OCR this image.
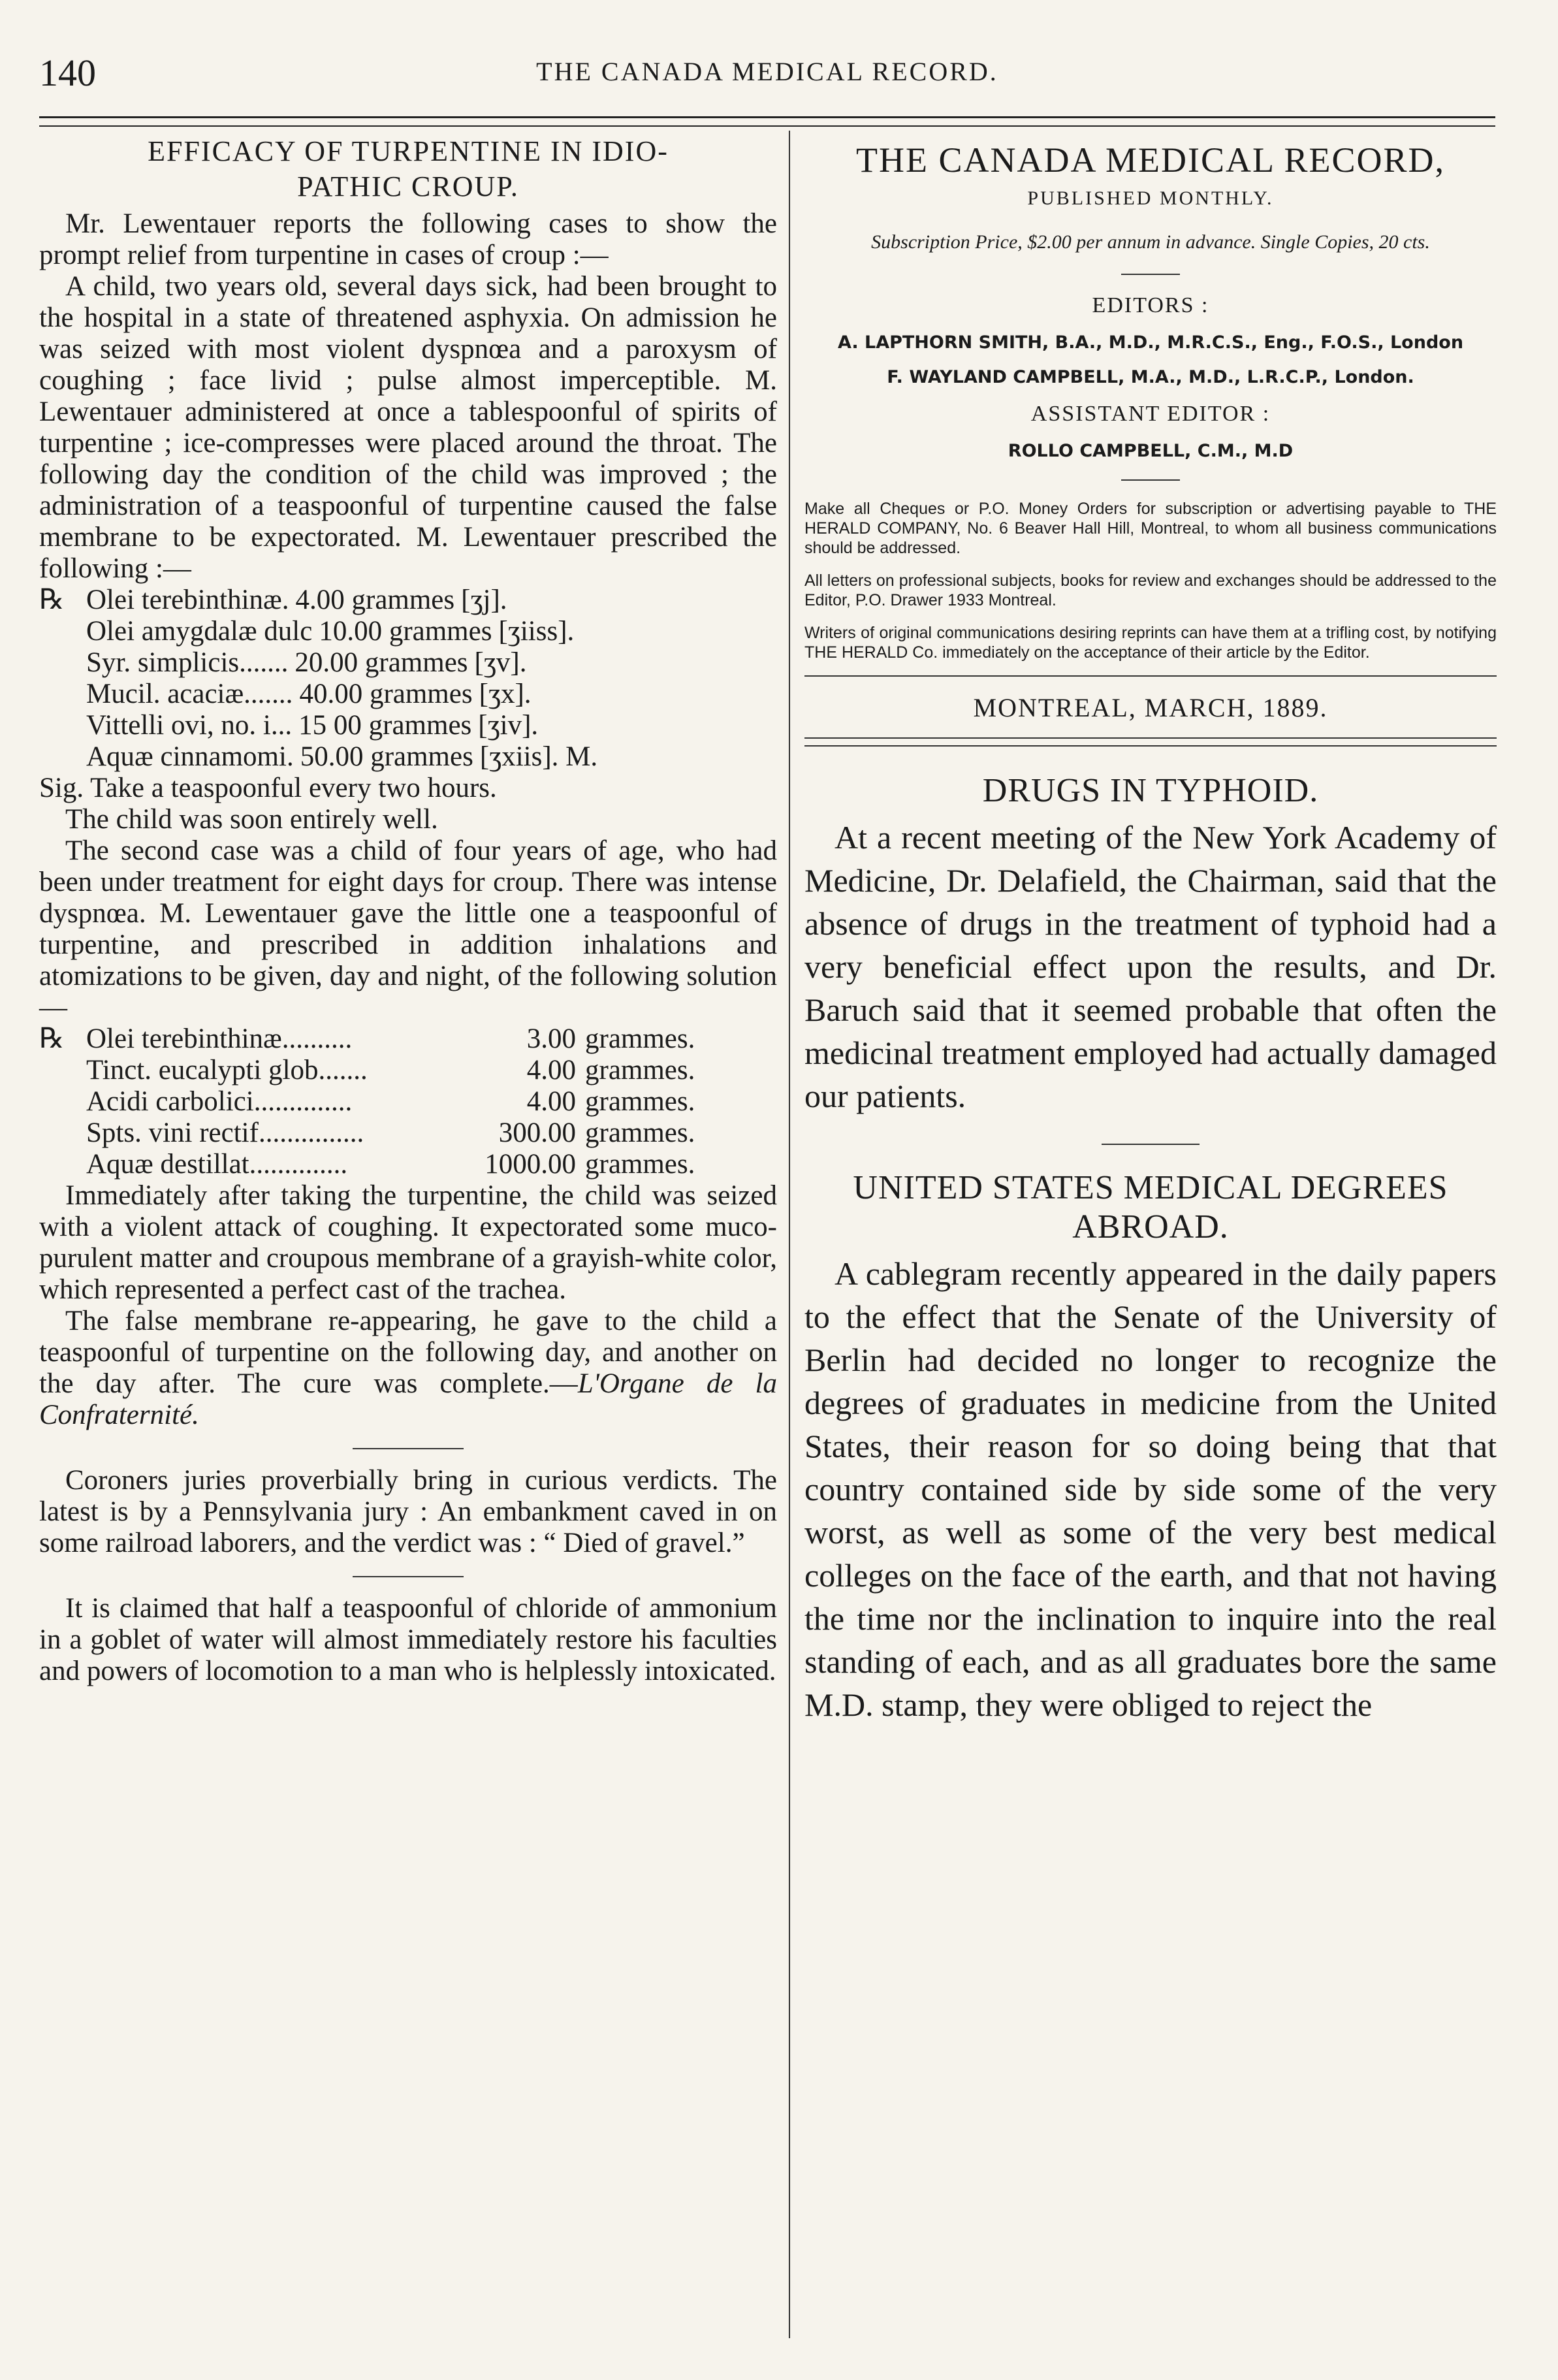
140	THE CANADA MEDICAL RECORD.
EFFICACY OF TURPENTINE IN IDIO-
PATHIC CROUP.

Mr. Lewentauer reports the following cases to show the prompt relief from turpentine in cases of croup :—

A child, two years old, several days sick, had been brought to the hospital in a state of threatened asphyxia. On admission he was seized with most violent dyspnœa and a paroxysm of coughing ; face livid ; pulse almost imperceptible. M. Lewentauer administered at once a tablespoonful of spirits of turpentine ; ice-compresses were placed around the throat. The following day the condition of the child was improved ; the administration of a teaspoonful of turpentine caused the false membrane to be expectorated. M. Lewentauer prescribed the following :—

℞ Olei terebinthinæ. 4.00 grammes [ʒj].
Olei amygdalæ dulc 10.00 grammes [ʒiiss].
Syr. simplicis....... 20.00 grammes [ʒv].
Mucil. acaciæ....... 40.00 grammes [ʒx].
Vittelli ovi, no. i... 15 00 grammes [ʒiv].
Aquæ cinnamomi. 50.00 grammes [ʒxiis]. M.

Sig. Take a teaspoonful every two hours.

The child was soon entirely well.

The second case was a child of four years of age, who had been under treatment for eight days for croup. There was intense dyspnœa. M. Lewentauer gave the little one a teaspoonful of turpentine, and prescribed in addition inhalations and atomizations to be given, day and night, of the following solution —

℞ Olei terebinthinæ..........	3.00 grammes.
Tinct. eucalypti glob.......	4.00 grammes.
Acidi carbolici..............	4.00 grammes.
Spts. vini rectif...............	300.00 grammes.
Aquæ destillat..............	1000.00 grammes.

Immediately after taking the turpentine, the child was seized with a violent attack of coughing. It expectorated some muco-purulent matter and croupous membrane of a grayish-white color, which represented a perfect cast of the trachea.

The false membrane re-appearing, he gave to the child a teaspoonful of turpentine on the following day, and another on the day after. The cure was complete.—L'Organe de la Confraternité.

Coroners juries proverbially bring in curious verdicts. The latest is by a Pennsylvania jury : An embankment caved in on some railroad laborers, and the verdict was : “ Died of gravel.”

It is claimed that half a teaspoonful of chloride of ammonium in a goblet of water will almost immediately restore his faculties and powers of locomotion to a man who is helplessly intoxicated.

THE CANADA MEDICAL RECORD,
PUBLISHED MONTHLY.

Subscription Price, $2.00 per annum in advance. Single Copies, 20 cts.

EDITORS :
A. LAPTHORN SMITH, B.A., M.D., M.R.C.S., Eng., F.O.S., London
F. WAYLAND CAMPBELL, M.A., M.D., L.R.C.P., London.
ASSISTANT EDITOR :
ROLLO CAMPBELL, C.M., M.D

Make all Cheques or P.O. Money Orders for subscription or advertising payable to THE HERALD COMPANY, No. 6 Beaver Hall Hill, Montreal, to whom all business communications should be addressed.

All letters on professional subjects, books for review and exchanges should be addressed to the Editor, P.O. Drawer 1933 Montreal.

Writers of original communications desiring reprints can have them at a trifling cost, by notifying THE HERALD Co. immediately on the acceptance of their article by the Editor.

MONTREAL, MARCH, 1889.
DRUGS IN TYPHOID.

At a recent meeting of the New York Academy of Medicine, Dr. Delafield, the Chairman, said that the absence of drugs in the treatment of typhoid had a very beneficial effect upon the results, and Dr. Baruch said that it seemed probable that often the medicinal treatment employed had actually damaged our patients.

UNITED STATES MEDICAL DEGREES
ABROAD.

A cablegram recently appeared in the daily papers to the effect that the Senate of the University of Berlin had decided no longer to recognize the degrees of graduates in medicine from the United States, their reason for so doing being that that country contained side by side some of the very worst, as well as some of the very best medical colleges on the face of the earth, and that not having the time nor the inclination to inquire into the real standing of each, and as all graduates bore the same M.D. stamp, they were obliged to reject the
